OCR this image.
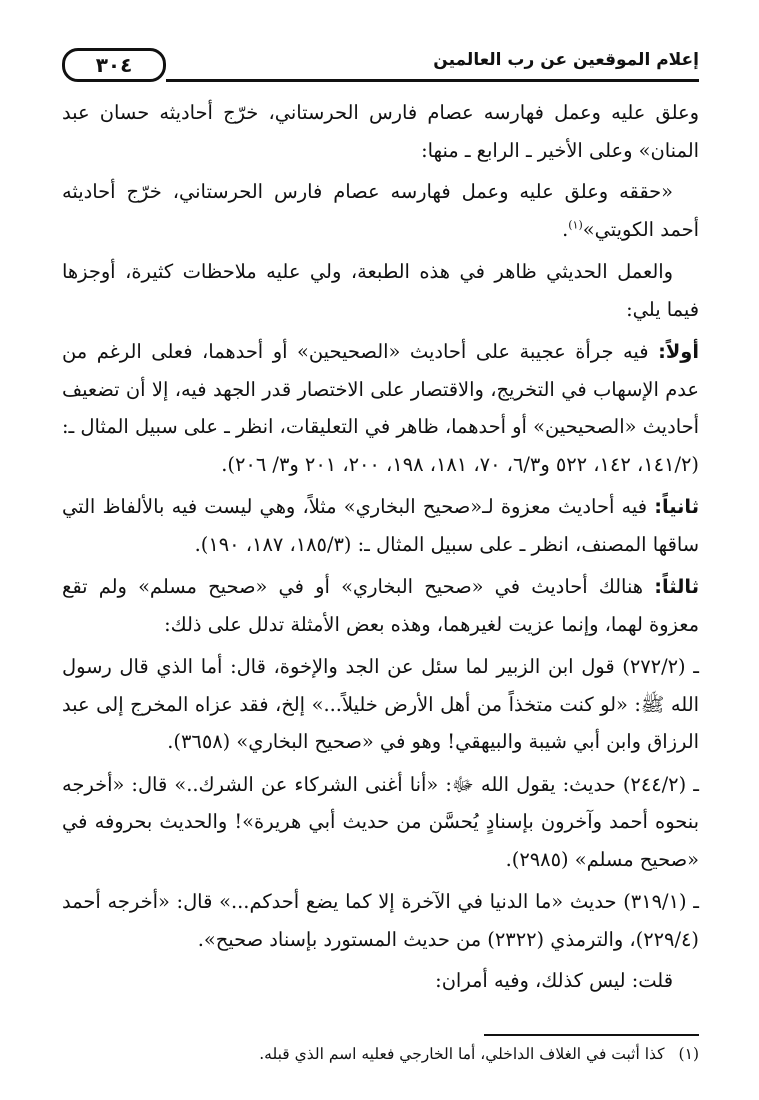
إعلام الموقعين عن رب العالمين
٣٠٤

وعلق عليه وعمل فهارسه عصام فارس الحرستاني، خرّج أحاديثه حسان عبد المنان» وعلى الأخير ـ الرابع ـ منها:

«حققه وعلق عليه وعمل فهارسه عصام فارس الحرستاني، خرّج أحاديثه أحمد الكويتي»$^{(١)}$.

والعمل الحديثي ظاهر في هذه الطبعة، ولي عليه ملاحظات كثيرة، أوجزها فيما يلي:

أولاً: فيه جرأة عجيبة على أحاديث «الصحيحين» أو أحدهما، فعلى الرغم من عدم الإسهاب في التخريج، والاقتصار على الاختصار قدر الجهد فيه، إلا أن تضعيف أحاديث «الصحيحين» أو أحدهما، ظاهر في التعليقات، انظر ـ على سبيل المثال ـ: (١٤١/٢، ١٤٢، ٥٢٢ و٦/٣، ٧٠، ١٨١، ١٩٨، ٢٠٠، ٢٠١ و٣/ ٢٠٦).

ثانياً: فيه أحاديث معزوة لـ«صحيح البخاري» مثلاً، وهي ليست فيه بالألفاظ التي ساقها المصنف، انظر ـ على سبيل المثال ـ: (١٨٥/٣، ١٨٧، ١٩٠).

ثالثاً: هنالك أحاديث في «صحيح البخاري» أو في «صحيح مسلم» ولم تقع معزوة لهما، وإنما عزيت لغيرهما، وهذه بعض الأمثلة تدلل على ذلك:

ـ (٢٧٢/٢) قول ابن الزبير لما سئل عن الجد والإخوة، قال: أما الذي قال رسول الله ﷺ: «لو كنت متخذاً من أهل الأرض خليلاً...» إلخ، فقد عزاه المخرج إلى عبد الرزاق وابن أبي شيبة والبيهقي! وهو في «صحيح البخاري» (٣٦٥٨).

ـ (٢٤٤/٢) حديث: يقول الله ﷻ: «أنا أغنى الشركاء عن الشرك..» قال: «أخرجه بنحوه أحمد وآخرون بإسنادٍ يُحسَّن من حديث أبي هريرة»! والحديث بحروفه في «صحيح مسلم» (٢٩٨٥).

ـ (٣١٩/١) حديث «ما الدنيا في الآخرة إلا كما يضع أحدكم...» قال: «أخرجه أحمد (٢٢٩/٤)، والترمذي (٢٣٢٢) من حديث المستورد بإسناد صحيح».

قلت: ليس كذلك، وفيه أمران:

(١)كذا أثبت في الغلاف الداخلي، أما الخارجي فعليه اسم الذي قبله.
